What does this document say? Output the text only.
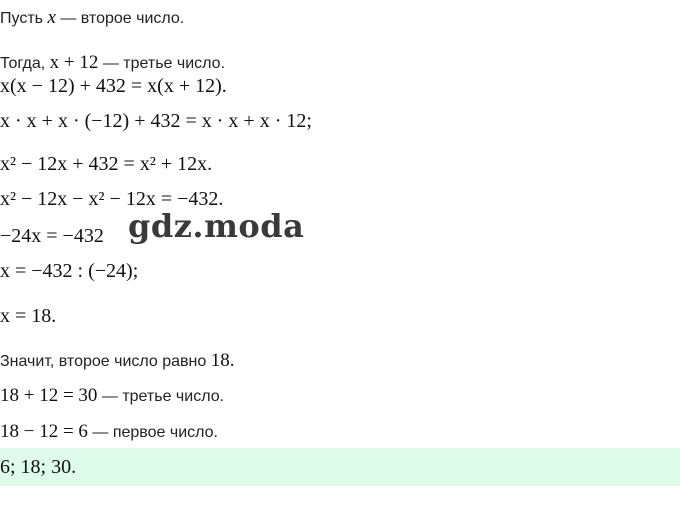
Пусть x — второе число.
Тогда, x + 12 — третье число.
x(x − 12) + 432 = x(x + 12).
x · x + x · (−12) + 432 = x · x + x · 12;
x² − 12x + 432 = x² + 12x.
x² − 12x − x² − 12x = −432.
−24x = −432
x = −432 : (−24);
x = 18.
Значит, второе число равно 18.
18 + 12 = 30 — третье число.
18 − 12 = 6 — первое число.
6; 18; 30.
gdz.moda
